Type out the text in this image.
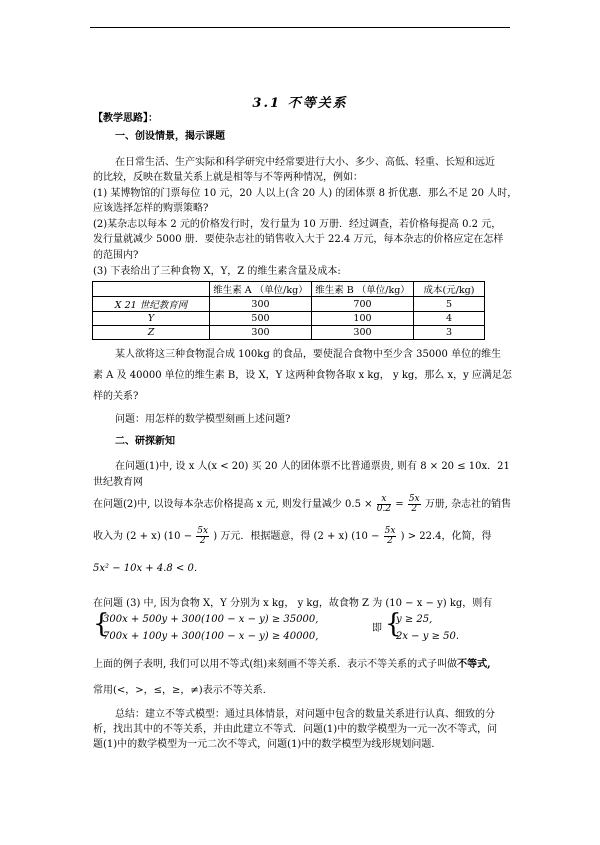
3.1 不等关系
【教学思路】：
一、创设情景，揭示课题
在日常生活、生产实际和科学研究中经常要进行大小、多少、高低、轻重、长短和远近
的比较，反映在数量关系上就是相等与不等两种情况，例如：
(1) 某博物馆的门票每位 10 元，20 人以上(含 20 人) 的团体票 8 折优惠．那么不足 20 人时，
应该选择怎样的购票策略?
(2)某杂志以每本 2 元的价格发行时，发行量为 10 万册．经过调查，若价格每提高 0.2 元，
发行量就减少 5000 册．要使杂志社的销售收入大于 22.4 万元，每本杂志的价格应定在怎样
的范围内?
(3) 下表给出了三种食物 X，Y，Z 的维生素含量及成本:
	维生素 A （单位/kg）	维生素 B （单位/kg）	成本(元/kg)
X 21 世纪教育网	300	700	5
Y	500	100	4
Z	300	300	3
某人欲将这三种食物混合成 100kg 的食品，要使混合食物中至少含 35000 单位的维生
素 A 及 40000 单位的维生素 B，设 X，Y 这两种食物各取 x kg， y kg，那么 x，y 应满足怎
样的关系?
问题：用怎样的数学模型刻画上述问题?
二、研探新知
在问题(1)中, 设 x 人(x < 20) 买 20 人的团体票不比普通票贵, 则有 8 × 20 ≤ 10x．21
世纪教育网
在问题(2)中, 以设每本杂志价格提高 x 元, 则发行量减少 $0.5 \times \frac{x}{0.2} = \frac{5x}{2}$ 万册, 杂志社的销售
收入为 (2 + x) ($10 - \frac{5x}{2}$ ) 万元．根据题意，得 (2 + x) ($10 - \frac{5x}{2}$ ) > 22.4，化简，得
5x² − 10x + 4.8 < 0．
在问题 (3) 中, 因为食物 X，Y 分别为 x kg， y kg，故食物 Z 为 (10 − x − y) kg，则有
{
300x + 500y + 300(100 − x − y) ≥ 35000,
700x + 100y + 300(100 − x − y) ≥ 40000,
即 {
y ≥ 25,
2x − y ≥ 50.
上面的例子表明, 我们可以用不等式(组)来刻画不等关系．表示不等关系的式子叫做不等式,
常用(<，>，≤，≥，≠)表示不等关系．
总结：建立不等式模型：通过具体情景，对问题中包含的数量关系进行认真、细致的分
析，找出其中的不等关系，并由此建立不等式．问题(1)中的数学模型为一元一次不等式，问
题(1)中的数学模型为一元二次不等式，问题(1)中的数学模型为线形规划问题．
